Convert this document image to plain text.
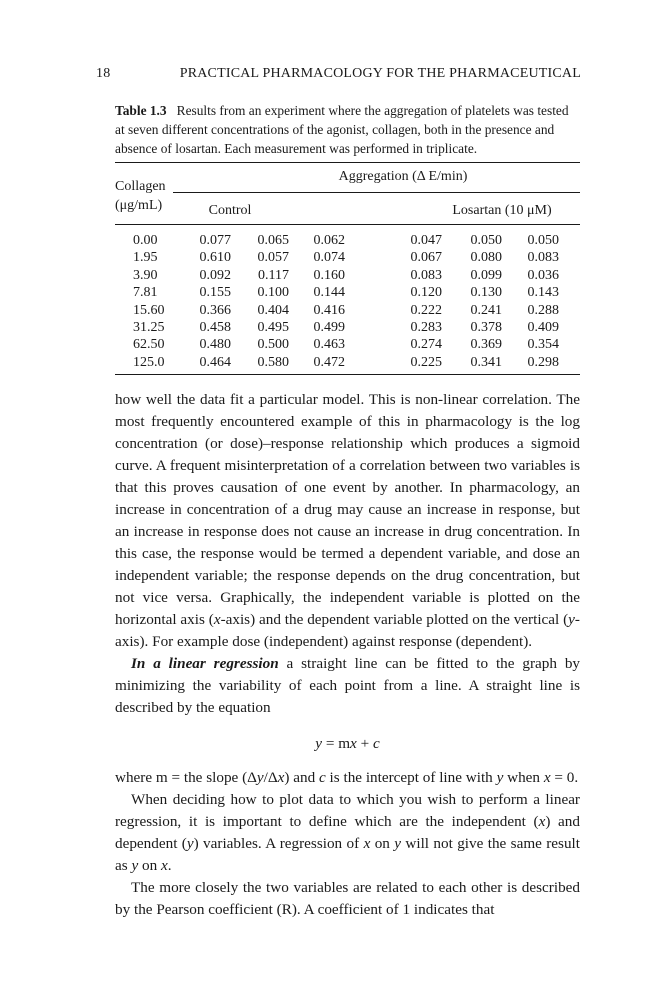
18	PRACTICAL PHARMACOLOGY FOR THE PHARMACEUTICAL
Table 1.3 Results from an experiment where the aggregation of platelets was tested at seven different concentrations of the agonist, collagen, both in the presence and absence of losartan. Each measurement was performed in triplicate.
Collagen
(μg/mL)
Aggregation (Δ E/min)
Control	Losartan (10 μM)
0.00	0.077 0.065 0.062	0.047 0.050 0.050
1.95	0.610 0.057 0.074	0.067 0.080 0.083
3.90	0.092 0.117 0.160	0.083 0.099 0.036
7.81	0.155 0.100 0.144	0.120 0.130 0.143
15.60	0.366 0.404 0.416	0.222 0.241 0.288
31.25	0.458 0.495 0.499	0.283 0.378 0.409
62.50	0.480 0.500 0.463	0.274 0.369 0.354
125.0	0.464 0.580 0.472	0.225 0.341 0.298

how well the data fit a particular model. This is non-linear correlation. The most frequently encountered example of this in pharmacology is the log concentration (or dose)–response relationship which produces a sigmoid curve. A frequent misinterpretation of a correlation between two variables is that this proves causation of one event by another. In pharmacology, an increase in concentration of a drug may cause an increase in response, but an increase in response does not cause an increase in drug concentration. In this case, the response would be termed a dependent variable, and dose an independent variable; the response depends on the drug concentration, but not vice versa. Graphically, the independent variable is plotted on the horizontal axis (x-axis) and the dependent variable plotted on the vertical (y-axis). For example dose (independent) against response (dependent).

In a linear regression a straight line can be fitted to the graph by minimizing the variability of each point from a line. A straight line is described by the equation

y = mx + c

where m = the slope (Δy/Δx) and c is the intercept of line with y when x = 0.

When deciding how to plot data to which you wish to perform a linear regression, it is important to define which are the independent (x) and dependent (y) variables. A regression of x on y will not give the same result as y on x.

The more closely the two variables are related to each other is described by the Pearson coefficient (R). A coefficient of 1 indicates that
